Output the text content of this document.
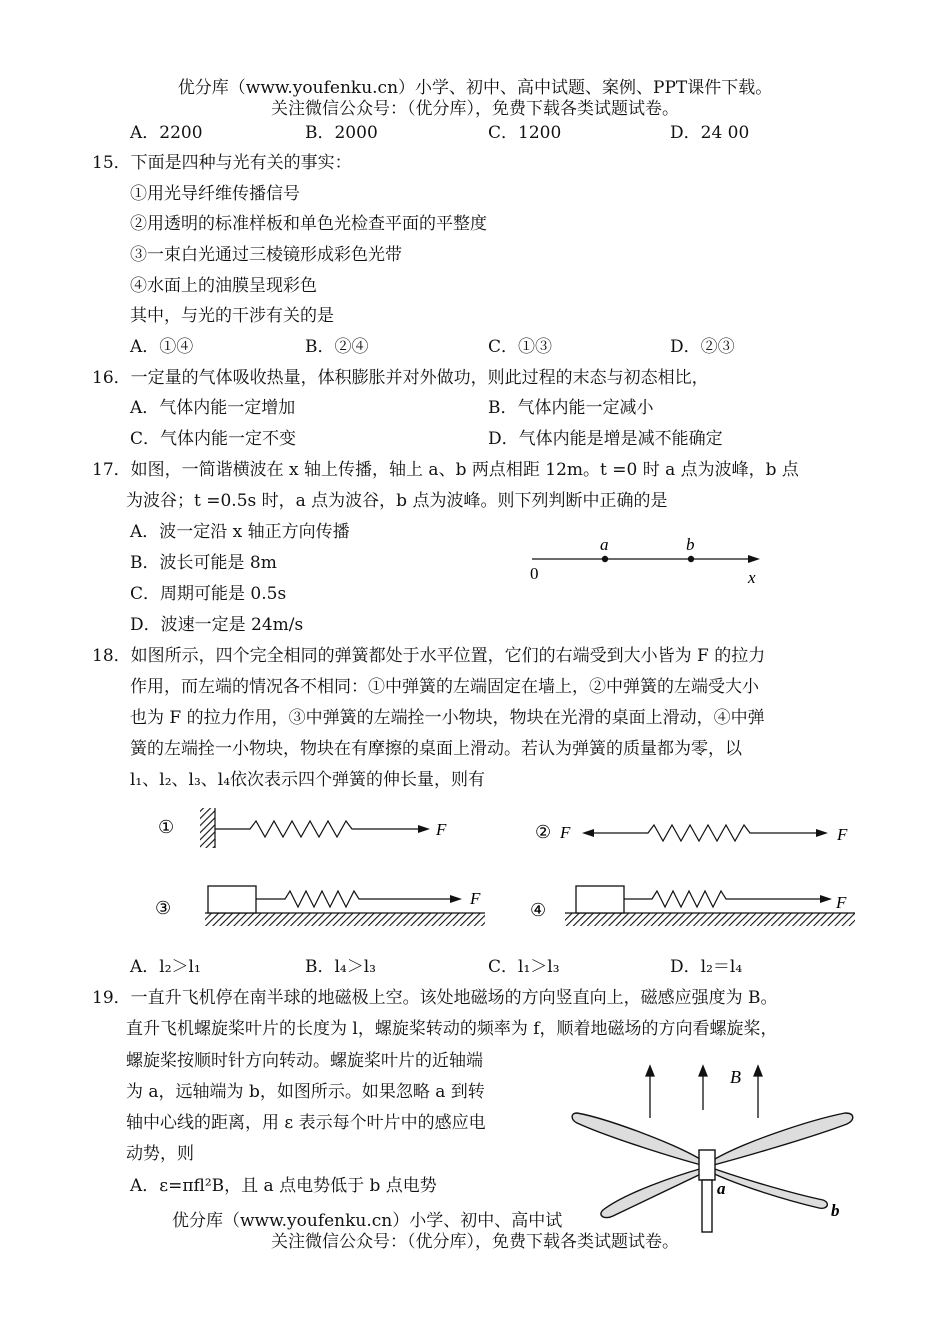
优分库（www.youfenku.cn）小学、初中、高中试题、案例、PPT课件下载。
关注微信公众号：（优分库），免费下载各类试题试卷。
A．2200	B．2000	C．1200	D．24 00
15．下面是四种与光有关的事实：
①用光导纤维传播信号
②用透明的标准样板和单色光检查平面的平整度
③一束白光通过三棱镜形成彩色光带
④水面上的油膜呈现彩色
其中，与光的干涉有关的是
A．①④	B．②④	C．①③	D．②③
16．一定量的气体吸收热量，体积膨胀并对外做功，则此过程的末态与初态相比，
A．气体内能一定增加	B．气体内能一定减小
C．气体内能一定不变	D．气体内能是增是减不能确定
17．如图，一简谐横波在 x 轴上传播，轴上 a、b 两点相距 12m。t =0 时 a 点为波峰，b 点
为波谷；t =0.5s 时，a 点为波谷，b 点为波峰。则下列判断中正确的是
A．波一定沿 x 轴正方向传播
B．波长可能是 8m
C．周期可能是 0.5s
D．波速一定是 24m/s
0
a	b
x
18．如图所示，四个完全相同的弹簧都处于水平位置，它们的右端受到大小皆为 F 的拉力
作用，而左端的情况各不相同：①中弹簧的左端固定在墙上，②中弹簧的左端受大小
也为 F 的拉力作用，③中弹簧的左端拴一小物块，物块在光滑的桌面上滑动，④中弹
簧的左端拴一小物块，物块在有摩擦的桌面上滑动。若认为弹簧的质量都为零，以
l₁、l₂、l₃、l₄依次表示四个弹簧的伸长量，则有
①	F	② F	F
③	F
④	F
A．l₂＞l₁	B．l₄＞l₃	C．l₁＞l₃	D．l₂＝l₄
19．一直升飞机停在南半球的地磁极上空。该处地磁场的方向竖直向上，磁感应强度为 B。
直升飞机螺旋桨叶片的长度为 l，螺旋桨转动的频率为 f，顺着地磁场的方向看螺旋桨，
螺旋桨按顺时针方向转动。螺旋桨叶片的近轴端
为 a，远轴端为 b，如图所示。如果忽略 a 到转
轴中心线的距离，用 ε 表示每个叶片中的感应电
动势，则
A．ε=πfl²B，且 a 点电势低于 b 点电势
B
a
b
优分库（www.youfenku.cn）小学、初中、高中试
关注微信公众号：（优分库），免费下载各类试题试卷。
